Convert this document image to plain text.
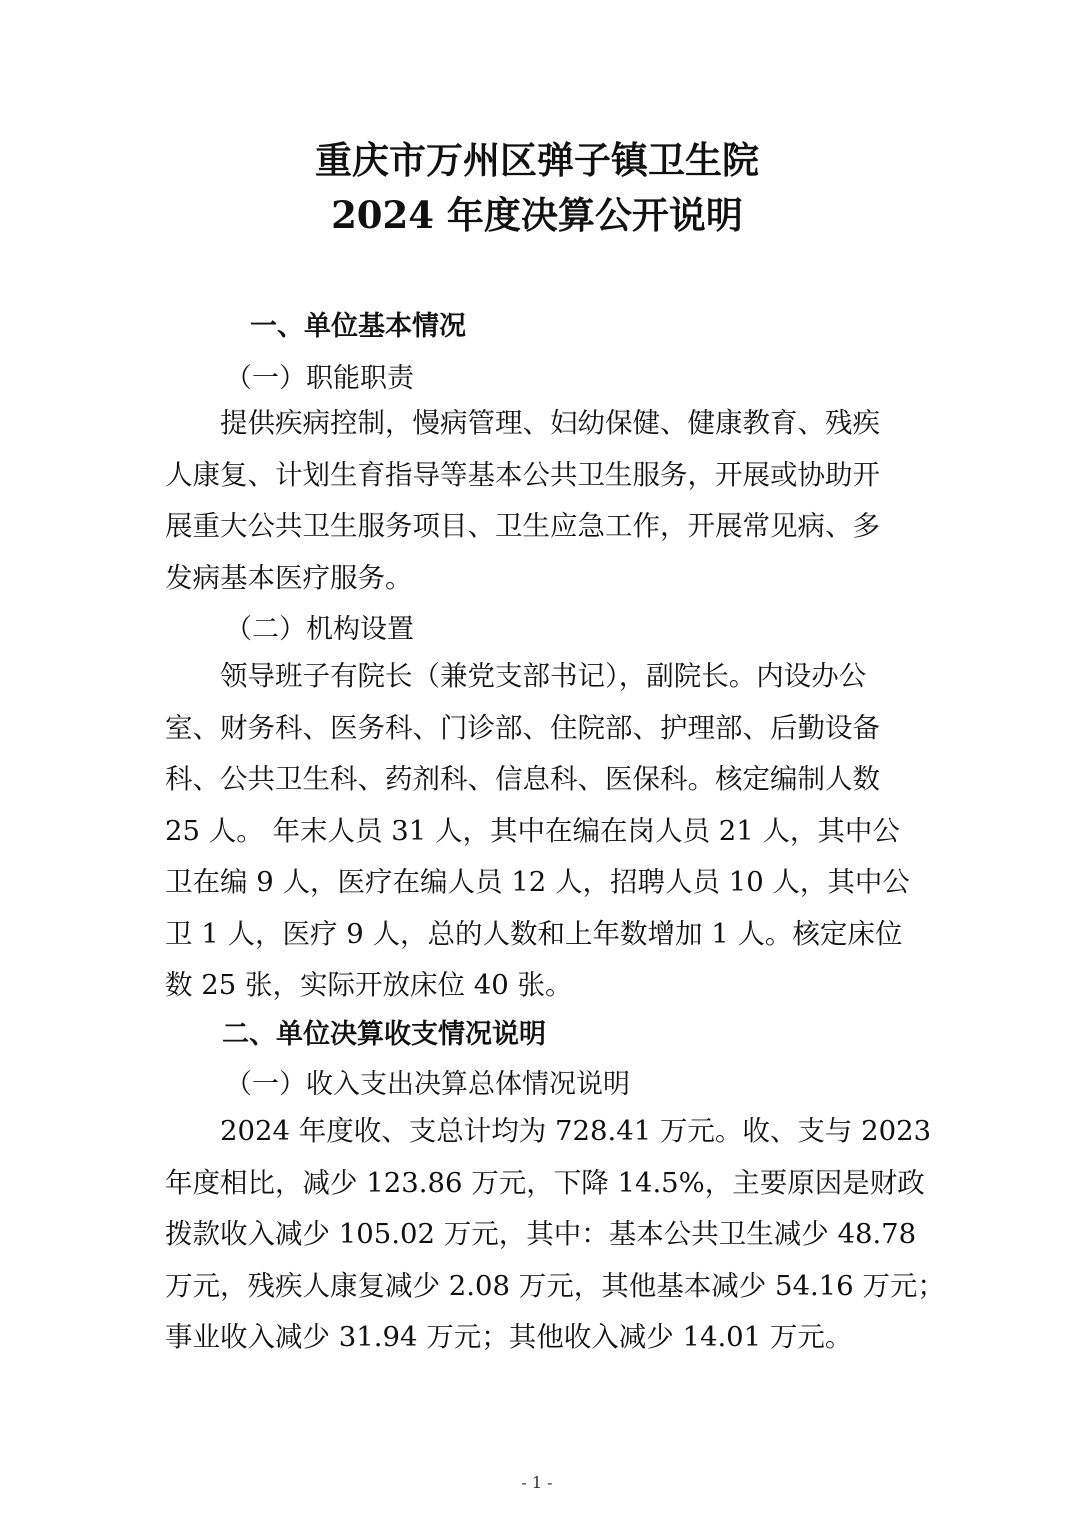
重庆市万州区弹子镇卫生院
2024 年度决算公开说明
一、单位基本情况
（一）职能职责
　　提供疾病控制，慢病管理、妇幼保健、健康教育、残疾
人康复、计划生育指导等基本公共卫生服务，开展或协助开
展重大公共卫生服务项目、卫生应急工作，开展常见病、多
发病基本医疗服务。
（二）机构设置
　　领导班子有院长（兼党支部书记），副院长。内设办公
室、财务科、医务科、门诊部、住院部、护理部、后勤设备
科、公共卫生科、药剂科、信息科、医保科。核定编制人数
25 人。 年末人员 31 人，其中在编在岗人员 21 人，其中公
卫在编 9 人，医疗在编人员 12 人，招聘人员 10 人，其中公
卫 1 人，医疗 9 人，总的人数和上年数增加 1 人。核定床位
数 25 张，实际开放床位 40 张。
二、单位决算收支情况说明
（一）收入支出决算总体情况说明
　　2024 年度收、支总计均为 728.41 万元。收、支与 2023
年度相比，减少 123.86 万元，下降 14.5%，主要原因是财政
拨款收入减少 105.02 万元，其中：基本公共卫生减少 48.78
万元，残疾人康复减少 2.08 万元，其他基本减少 54.16 万元；
事业收入减少 31.94 万元；其他收入减少 14.01 万元。
- 1 -
